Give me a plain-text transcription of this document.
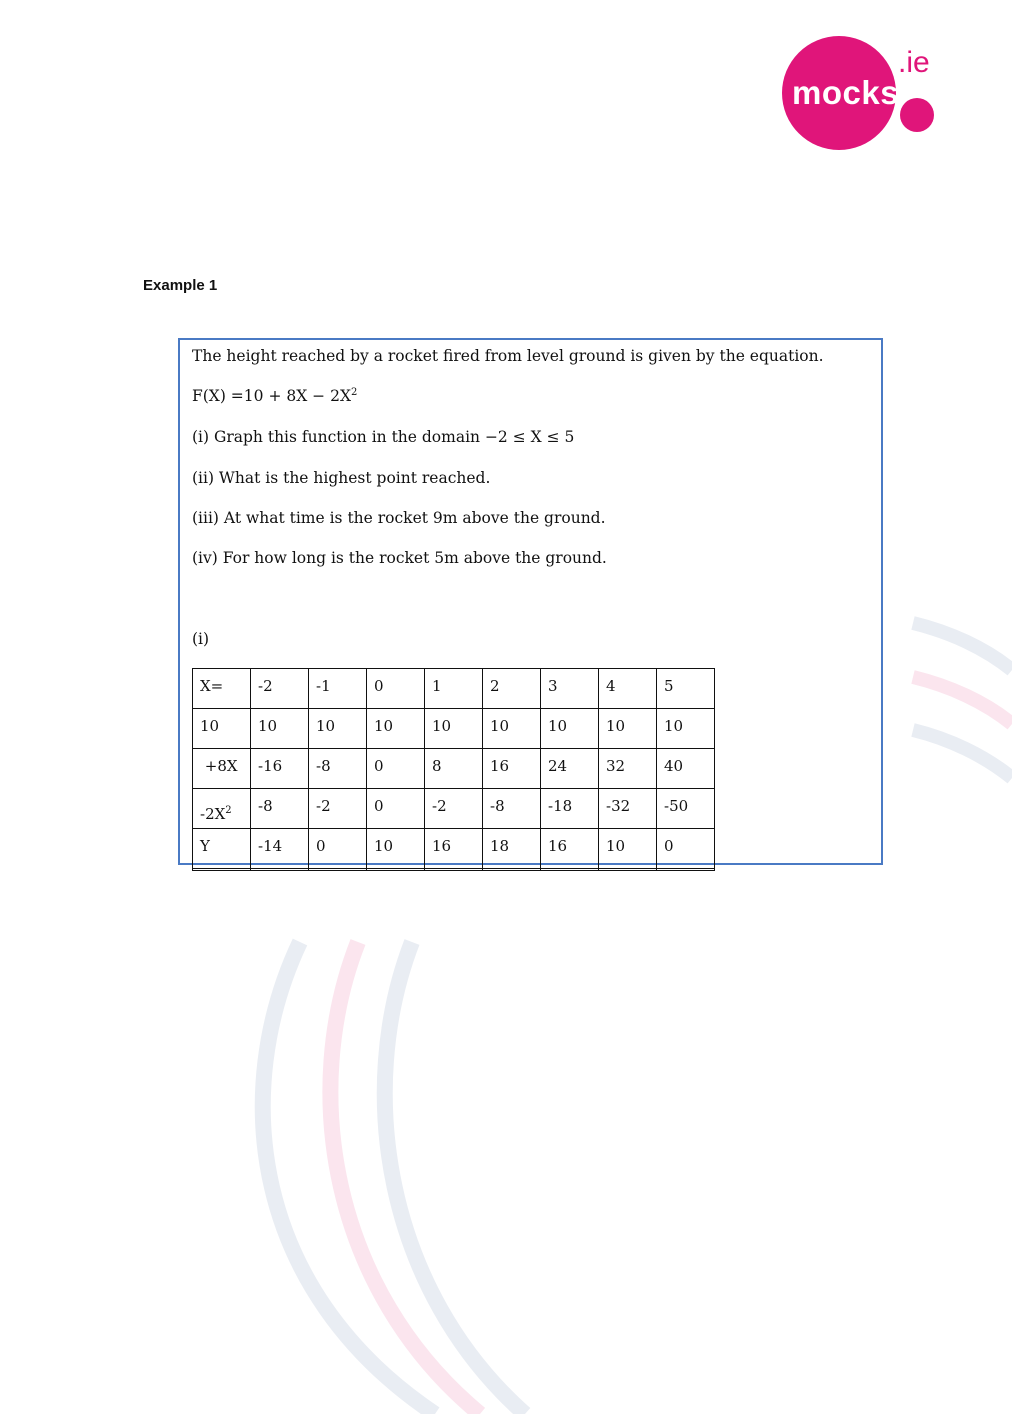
mocks
.ie
Example 1
The height reached by a rocket fired from level ground is given by the equation.
$F(X) =10 + 8X - 2X^2$
(i) Graph this function in the domain −2 ≤ X ≤ 5
(ii) What is the highest point reached.
(iii) At what time is the rocket 9m above the ground.
(iv) For how long is the rocket 5m above the ground.
(i)
X=	-2	-1	0	1	2	3	4	5
10	10	10	10	10	10	10	10	10
+8X	-16	-8	0	8	16	24	32	40
$-2X^2$	-8	-2	0	-2	-8	-18	-32	-50
Y	-14	0	10	16	18	16	10	0
